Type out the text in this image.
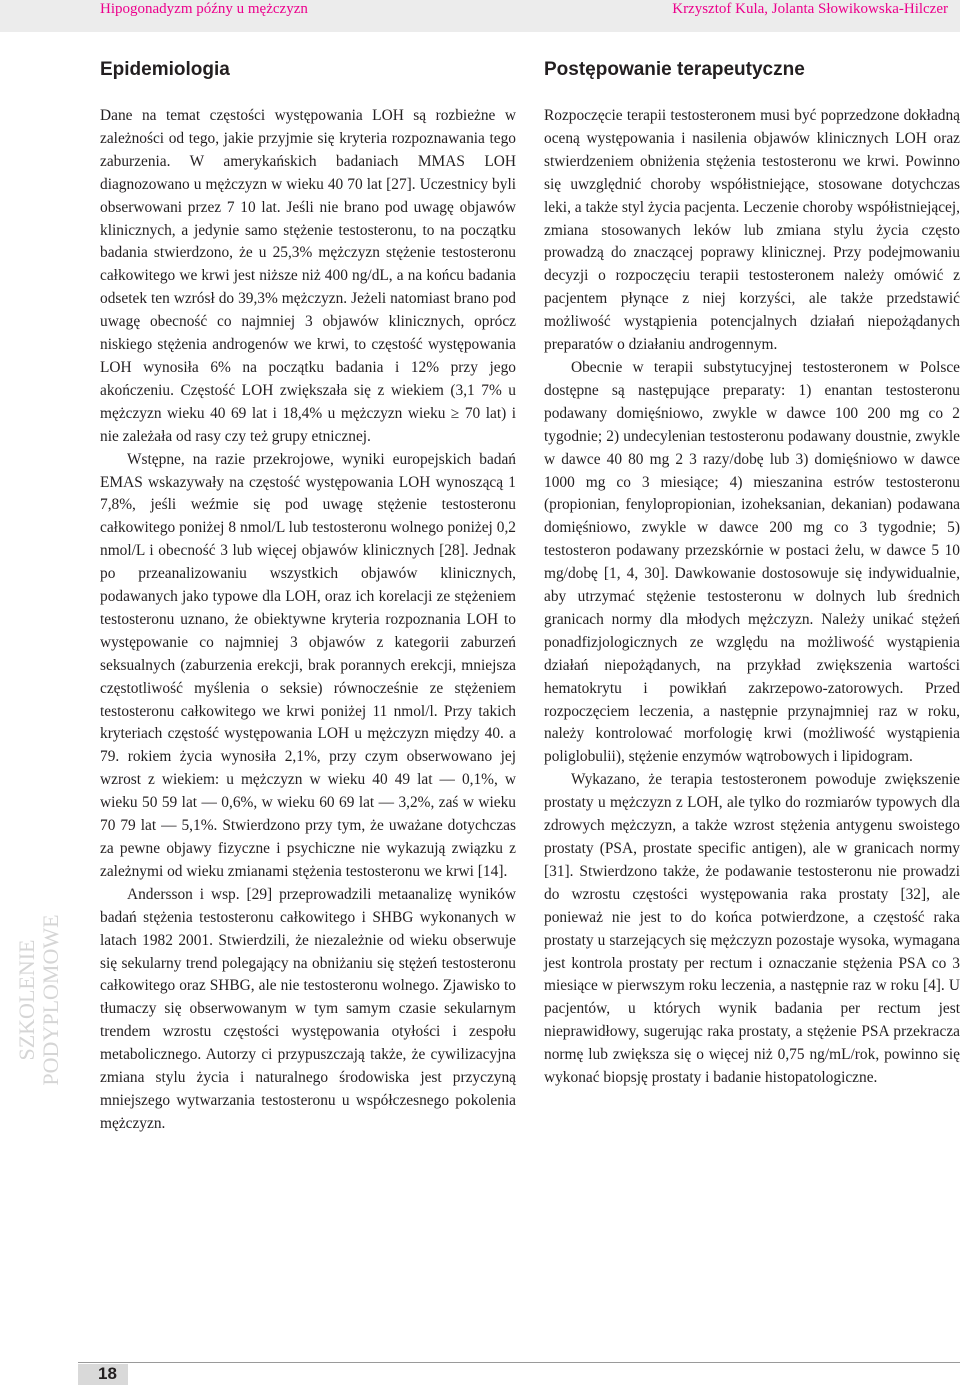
Hipogonadyzm późny u mężczyzn	Krzysztof Kula, Jolanta Słowikowska-Hilczer
SZKOLENIE PODYPLOMOWE
Epidemiologia

Dane na temat częstości występowania LOH są rozbieżne w zależności od tego, jakie przyjmie się kryteria rozpoznawania tego zaburzenia. W amerykańskich badaniach MMAS LOH diagnozowano u mężczyzn w wieku 40 70 lat [27]. Uczestnicy byli obserwowani przez 7 10 lat. Jeśli nie brano pod uwagę objawów klinicznych, a jedynie samo stężenie testosteronu, to na początku badania stwierdzono, że u 25,3% mężczyzn stężenie testosteronu całkowitego we krwi jest niższe niż 400 ng/dL, a na końcu badania odsetek ten wzrósł do 39,3% mężczyzn. Jeżeli natomiast brano pod uwagę obecność co najmniej 3 objawów klinicznych, oprócz niskiego stężenia androgenów we krwi, to częstość występowania LOH wynosiła 6% na początku badania i 12% przy jego akończeniu. Częstość LOH zwiększała się z wiekiem (3,1 7% u mężczyzn wieku 40 69 lat i 18,4% u mężczyzn wieku ≥ 70 lat) i nie zależała od rasy czy też grupy etnicznej.

Wstępne, na razie przekrojowe, wyniki europejskich badań EMAS wskazywały na częstość występowania LOH wynoszącą 1 7,8%, jeśli weźmie się pod uwagę stężenie testosteronu całkowitego poniżej 8 nmol/L lub testosteronu wolnego poniżej 0,2 nmol/L i obecność 3 lub więcej objawów klinicznych [28]. Jednak po przeanalizowaniu wszystkich objawów klinicznych, podawanych jako typowe dla LOH, oraz ich korelacji ze stężeniem testosteronu uznano, że obiektywne kryteria rozpoznania LOH to występowanie co najmniej 3 objawów z kategorii zaburzeń seksualnych (zaburzenia erekcji, brak porannych erekcji, mniejsza częstotliwość myślenia o seksie) równocześnie ze stężeniem testosteronu całkowitego we krwi poniżej 11 nmol/l. Przy takich kryteriach częstość występowania LOH u mężczyzn między 40. a 79. rokiem życia wynosiła 2,1%, przy czym obserwowano jej wzrost z wiekiem: u mężczyzn w wieku 40 49 lat — 0,1%, w wieku 50 59 lat — 0,6%, w wieku 60 69 lat — 3,2%, zaś w wieku 70 79 lat — 5,1%. Stwierdzono przy tym, że uważane dotychczas za pewne objawy fizyczne i psychiczne nie wykazują związku z zależnymi od wieku zmianami stężenia testosteronu we krwi [14].

Andersson i wsp. [29] przeprowadzili metaanalizę wyników badań stężenia testosteronu całkowitego i SHBG wykonanych w latach 1982 2001. Stwierdzili, że niezależnie od wieku obserwuje się sekularny trend polegający na obniżaniu się stężeń testosteronu całkowitego oraz SHBG, ale nie testosteronu wolnego. Zjawisko to tłumaczy się obserwowanym w tym samym czasie sekularnym trendem wzrostu częstości występowania otyłości i zespołu metabolicznego. Autorzy ci przypuszczają także, że cywilizacyjna zmiana stylu życia i naturalnego środowiska jest przyczyną mniejszego wytwarzania testosteronu u współczesnego pokolenia mężczyzn.

Postępowanie terapeutyczne

Rozpoczęcie terapii testosteronem musi być poprzedzone dokładną oceną występowania i nasilenia objawów klinicznych LOH oraz stwierdzeniem obniżenia stężenia testosteronu we krwi. Powinno się uwzględnić choroby współistniejące, stosowane dotychczas leki, a także styl życia pacjenta. Leczenie choroby współistniejącej, zmiana stosowanych leków lub zmiana stylu życia często prowadzą do znaczącej poprawy klinicznej. Przy podejmowaniu decyzji o rozpoczęciu terapii testosteronem należy omówić z pacjentem płynące z niej korzyści, ale także przedstawić możliwość wystąpienia potencjalnych działań niepożądanych preparatów o działaniu androgennym.

Obecnie w terapii substytucyjnej testosteronem w Polsce dostępne są następujące preparaty: 1) enantan testosteronu podawany domięśniowo, zwykle w dawce 100 200 mg co 2 tygodnie; 2) undecylenian testosteronu podawany doustnie, zwykle w dawce 40 80 mg 2 3 razy/dobę lub 3) domięśniowo w dawce 1000 mg co 3 miesiące; 4) mieszanina estrów testosteronu (propionian, fenylopropionian, izoheksanian, dekanian) podawana domięśniowo, zwykle w dawce 200 mg co 3 tygodnie; 5) testosteron podawany przezskórnie w postaci żelu, w dawce 5 10 mg/dobę [1, 4, 30]. Dawkowanie dostosowuje się indywidualnie, aby utrzymać stężenie testosteronu w dolnych lub średnich granicach normy dla młodych mężczyzn. Należy unikać stężeń ponadfizjologicznych ze względu na możliwość wystąpienia działań niepożądanych, na przykład zwiększenia wartości hematokrytu i powikłań zakrzepowo-zatorowych. Przed rozpoczęciem leczenia, a następnie przynajmniej raz w roku, należy kontrolować morfologię krwi (możliwość wystąpienia poliglobulii), stężenie enzymów wątrobowych i lipidogram.

Wykazano, że terapia testosteronem powoduje zwiększenie prostaty u mężczyzn z LOH, ale tylko do rozmiarów typowych dla zdrowych mężczyzn, a także wzrost stężenia antygenu swoistego prostaty (PSA, prostate specific antigen), ale w granicach normy [31]. Stwierdzono także, że podawanie testosteronu nie prowadzi do wzrostu częstości występowania raka prostaty [32], ale ponieważ nie jest to do końca potwierdzone, a częstość raka prostaty u starzejących się mężczyzn pozostaje wysoka, wymagana jest kontrola prostaty per rectum i oznaczanie stężenia PSA co 3 miesiące w pierwszym roku leczenia, a następnie raz w roku [4]. U pacjentów, u których wynik badania per rectum jest nieprawidłowy, sugerując raka prostaty, a stężenie PSA przekracza normę lub zwiększa się o więcej niż 0,75 ng/mL/rok, powinno się wykonać biopsję prostaty i badanie histopatologiczne.

18
